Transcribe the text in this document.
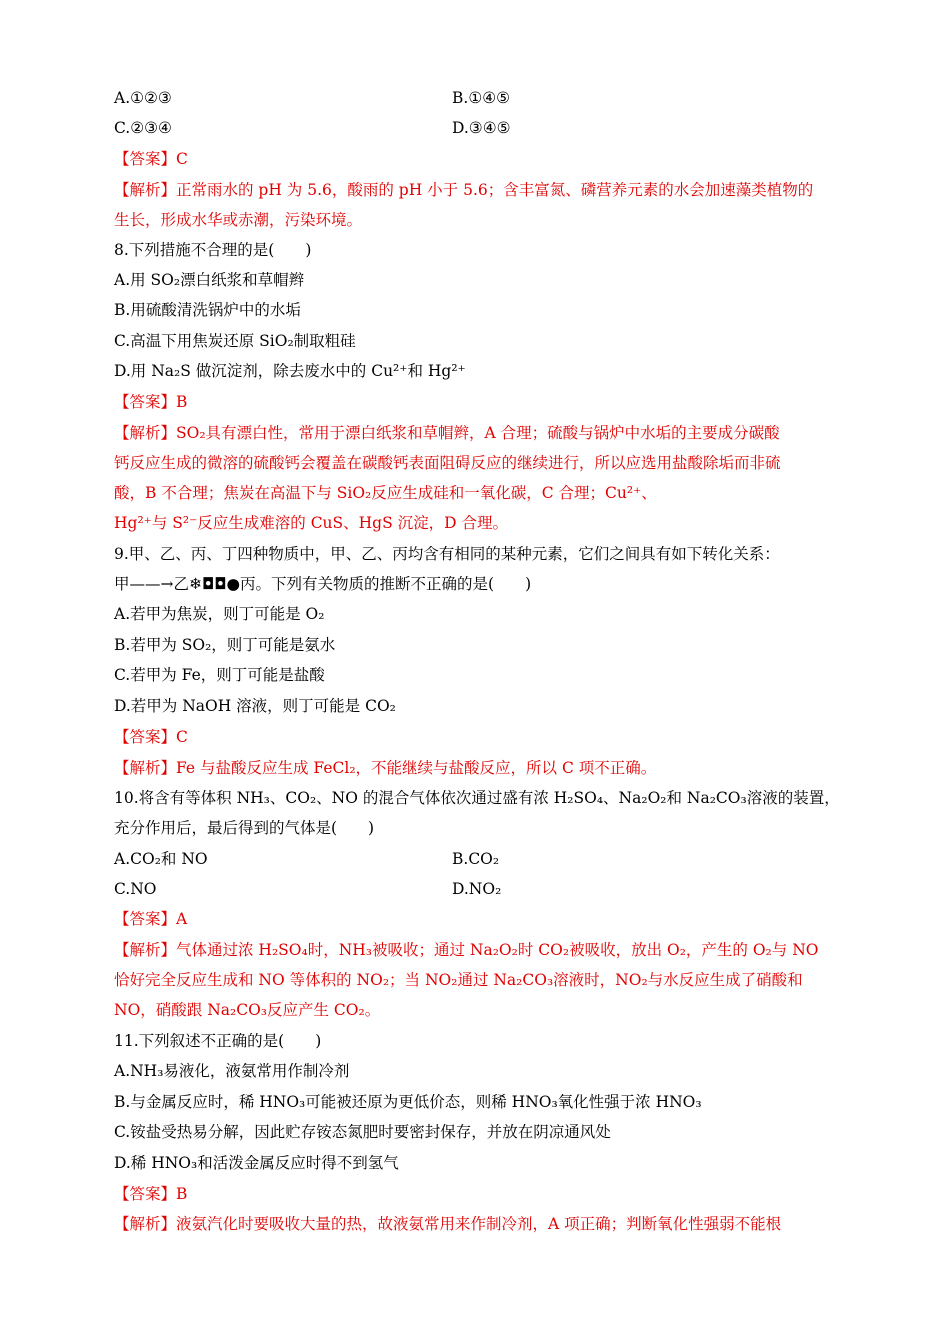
A.①②③	B.①④⑤
C.②③④	D.③④⑤
【答案】C
【解析】正常雨水的 pH 为 5.6，酸雨的 pH 小于 5.6；含丰富氮、磷营养元素的水会加速藻类植物的
生长，形成水华或赤潮，污染环境。
8.下列措施不合理的是(　　)
A.用 SO₂漂白纸浆和草帽辫
B.用硫酸清洗锅炉中的水垢
C.高温下用焦炭还原 SiO₂制取粗硅
D.用 Na₂S 做沉淀剂，除去废水中的 Cu²⁺和 Hg²⁺
【答案】B
【解析】SO₂具有漂白性，常用于漂白纸浆和草帽辫，A 合理；硫酸与锅炉中水垢的主要成分碳酸
钙反应生成的微溶的硫酸钙会覆盖在碳酸钙表面阻碍反应的继续进行，所以应选用盐酸除垢而非硫
酸，B 不合理；焦炭在高温下与 SiO₂反应生成硅和一氧化碳，C 合理；Cu²⁺、
Hg²⁺与 S²⁻反应生成难溶的 CuS、HgS 沉淀，D 合理。
9.甲、乙、丙、丁四种物质中，甲、乙、丙均含有相同的某种元素，它们之间具有如下转化关系：
甲——→乙❄◘◘●丙。下列有关物质的推断不正确的是(　　)
A.若甲为焦炭，则丁可能是 O₂
B.若甲为 SO₂，则丁可能是氨水
C.若甲为 Fe，则丁可能是盐酸
D.若甲为 NaOH 溶液，则丁可能是 CO₂
【答案】C
【解析】Fe 与盐酸反应生成 FeCl₂，不能继续与盐酸反应，所以 C 项不正确。
10.将含有等体积 NH₃、CO₂、NO 的混合气体依次通过盛有浓 H₂SO₄、Na₂O₂和 Na₂CO₃溶液的装置，
充分作用后，最后得到的气体是(　　)
A.CO₂和 NO	B.CO₂
C.NO	D.NO₂
【答案】A
【解析】气体通过浓 H₂SO₄时，NH₃被吸收；通过 Na₂O₂时 CO₂被吸收，放出 O₂，产生的 O₂与 NO
恰好完全反应生成和 NO 等体积的 NO₂；当 NO₂通过 Na₂CO₃溶液时，NO₂与水反应生成了硝酸和
NO，硝酸跟 Na₂CO₃反应产生 CO₂。
11.下列叙述不正确的是(　　)
A.NH₃易液化，液氨常用作制冷剂
B.与金属反应时，稀 HNO₃可能被还原为更低价态，则稀 HNO₃氧化性强于浓 HNO₃
C.铵盐受热易分解，因此贮存铵态氮肥时要密封保存，并放在阴凉通风处
D.稀 HNO₃和活泼金属反应时得不到氢气
【答案】B
【解析】液氨汽化时要吸收大量的热，故液氨常用来作制冷剂，A 项正确；判断氧化性强弱不能根
